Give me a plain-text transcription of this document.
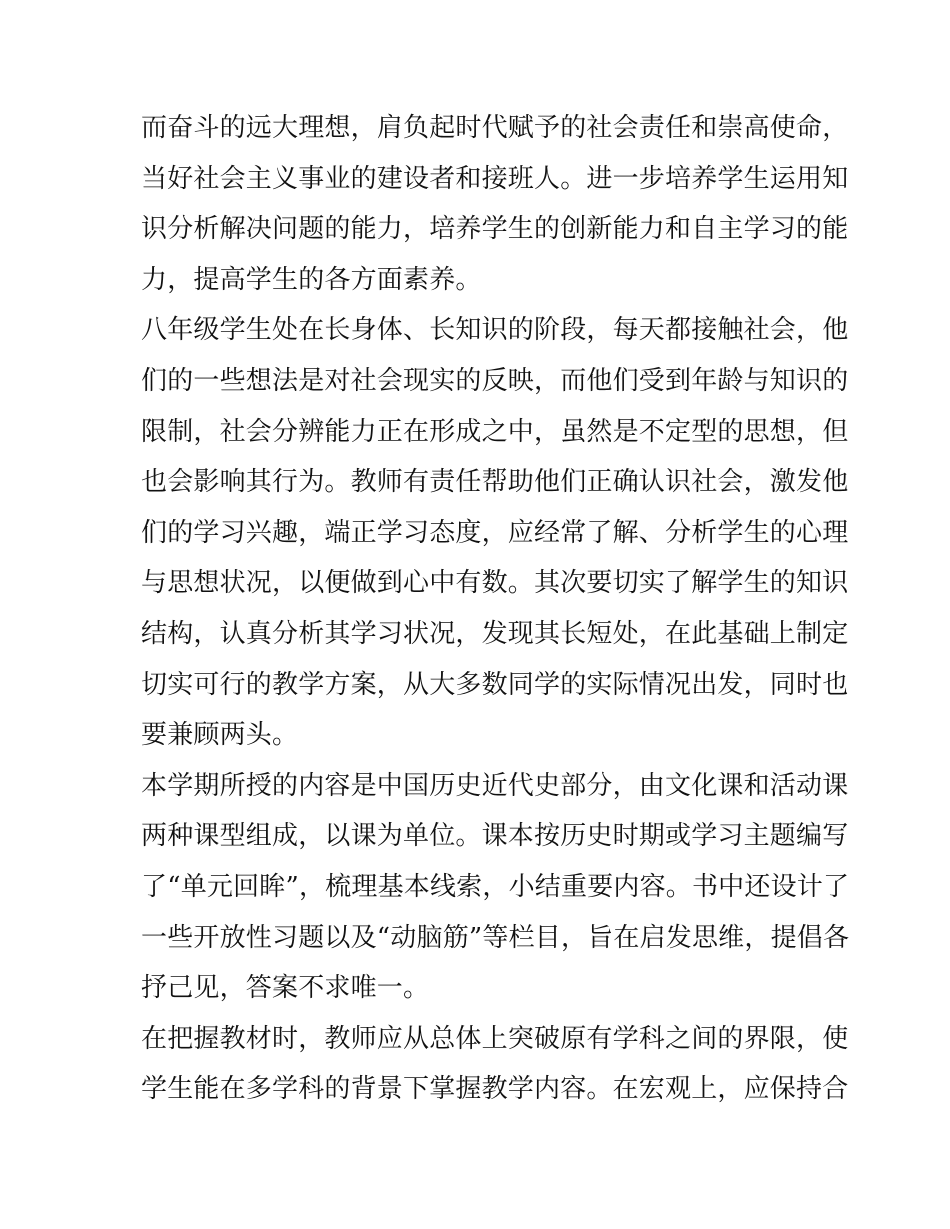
而奋斗的远大理想，肩负起时代赋予的社会责任和崇高使命，
当好社会主义事业的建设者和接班人。进一步培养学生运用知
识分析解决问题的能力，培养学生的创新能力和自主学习的能
力，提高学生的各方面素养。
八年级学生处在长身体、长知识的阶段，每天都接触社会，他
们的一些想法是对社会现实的反映，而他们受到年龄与知识的
限制，社会分辨能力正在形成之中，虽然是不定型的思想，但
也会影响其行为。教师有责任帮助他们正确认识社会，激发他
们的学习兴趣，端正学习态度，应经常了解、分析学生的心理
与思想状况，以便做到心中有数。其次要切实了解学生的知识
结构，认真分析其学习状况，发现其长短处，在此基础上制定
切实可行的教学方案，从大多数同学的实际情况出发，同时也
要兼顾两头。
本学期所授的内容是中国历史近代史部分，由文化课和活动课
两种课型组成，以课为单位。课本按历史时期或学习主题编写
了“单元回眸”，梳理基本线索，小结重要内容。书中还设计了
一些开放性习题以及“动脑筋”等栏目，旨在启发思维，提倡各
抒己见，答案不求唯一。
在把握教材时，教师应从总体上突破原有学科之间的界限，使
学生能在多学科的背景下掌握教学内容。在宏观上，应保持合
